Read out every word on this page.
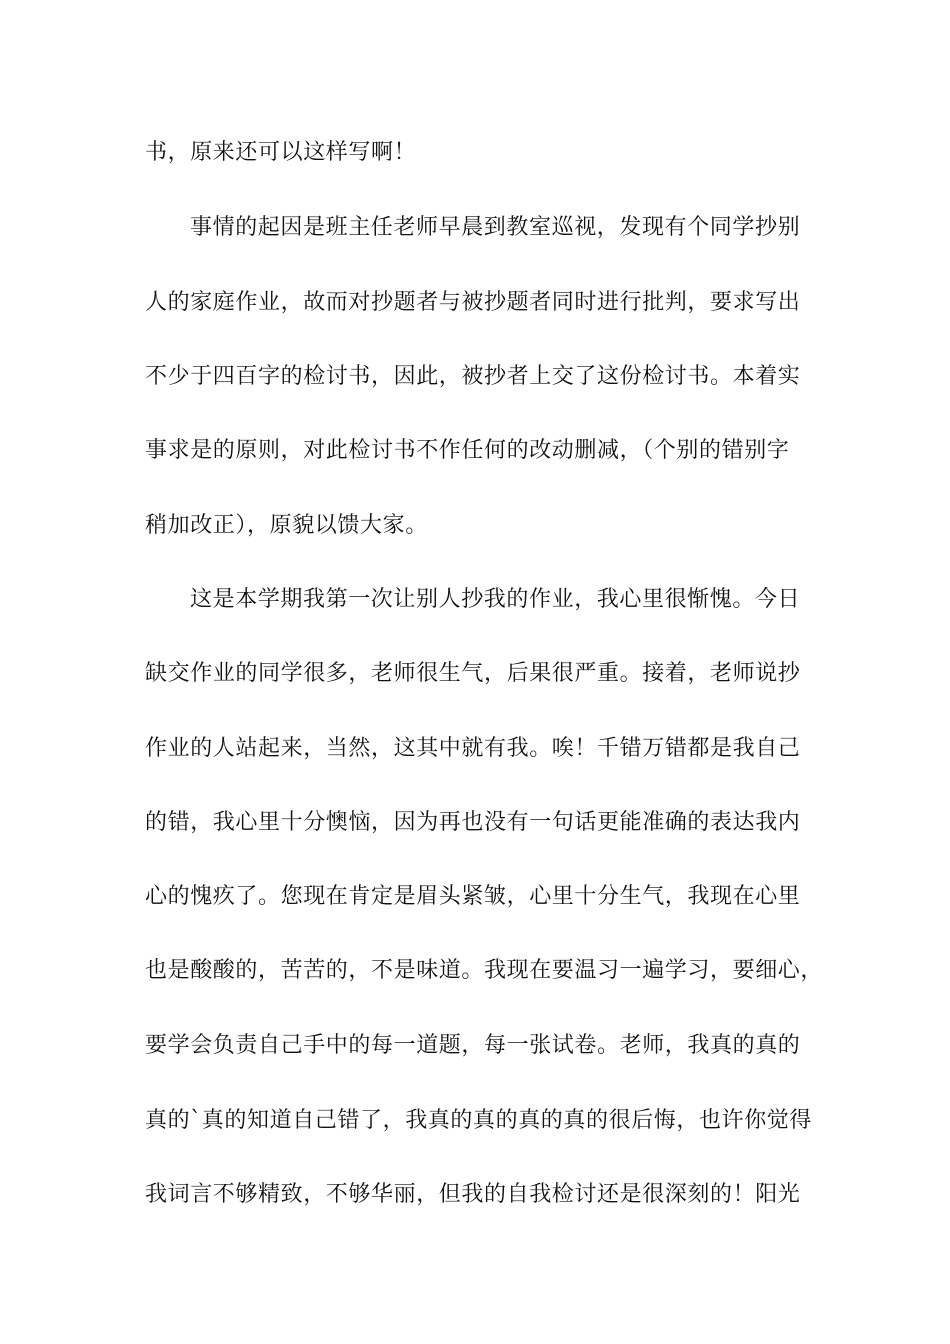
书，原来还可以这样写啊！
事情的起因是班主任老师早晨到教室巡视，发现有个同学抄别
人的家庭作业，故而对抄题者与被抄题者同时进行批判，要求写出
不少于四百字的检讨书，因此，被抄者上交了这份检讨书。本着实
事求是的原则，对此检讨书不作任何的改动删减，（个别的错别字
稍加改正），原貌以馈大家。
这是本学期我第一次让别人抄我的作业，我心里很惭愧。今日
缺交作业的同学很多，老师很生气，后果很严重。接着，老师说抄
作业的人站起来，当然，这其中就有我。唉！千错万错都是我自己
的错，我心里十分懊恼，因为再也没有一句话更能准确的表达我内
心的愧疚了。您现在肯定是眉头紧皱，心里十分生气，我现在心里
也是酸酸的，苦苦的，不是味道。我现在要温习一遍学习，要细心，
要学会负责自己手中的每一道题，每一张试卷。老师，我真的真的
真的`真的知道自己错了，我真的真的真的真的很后悔，也许你觉得
我词言不够精致，不够华丽，但我的自我检讨还是很深刻的！阳光
